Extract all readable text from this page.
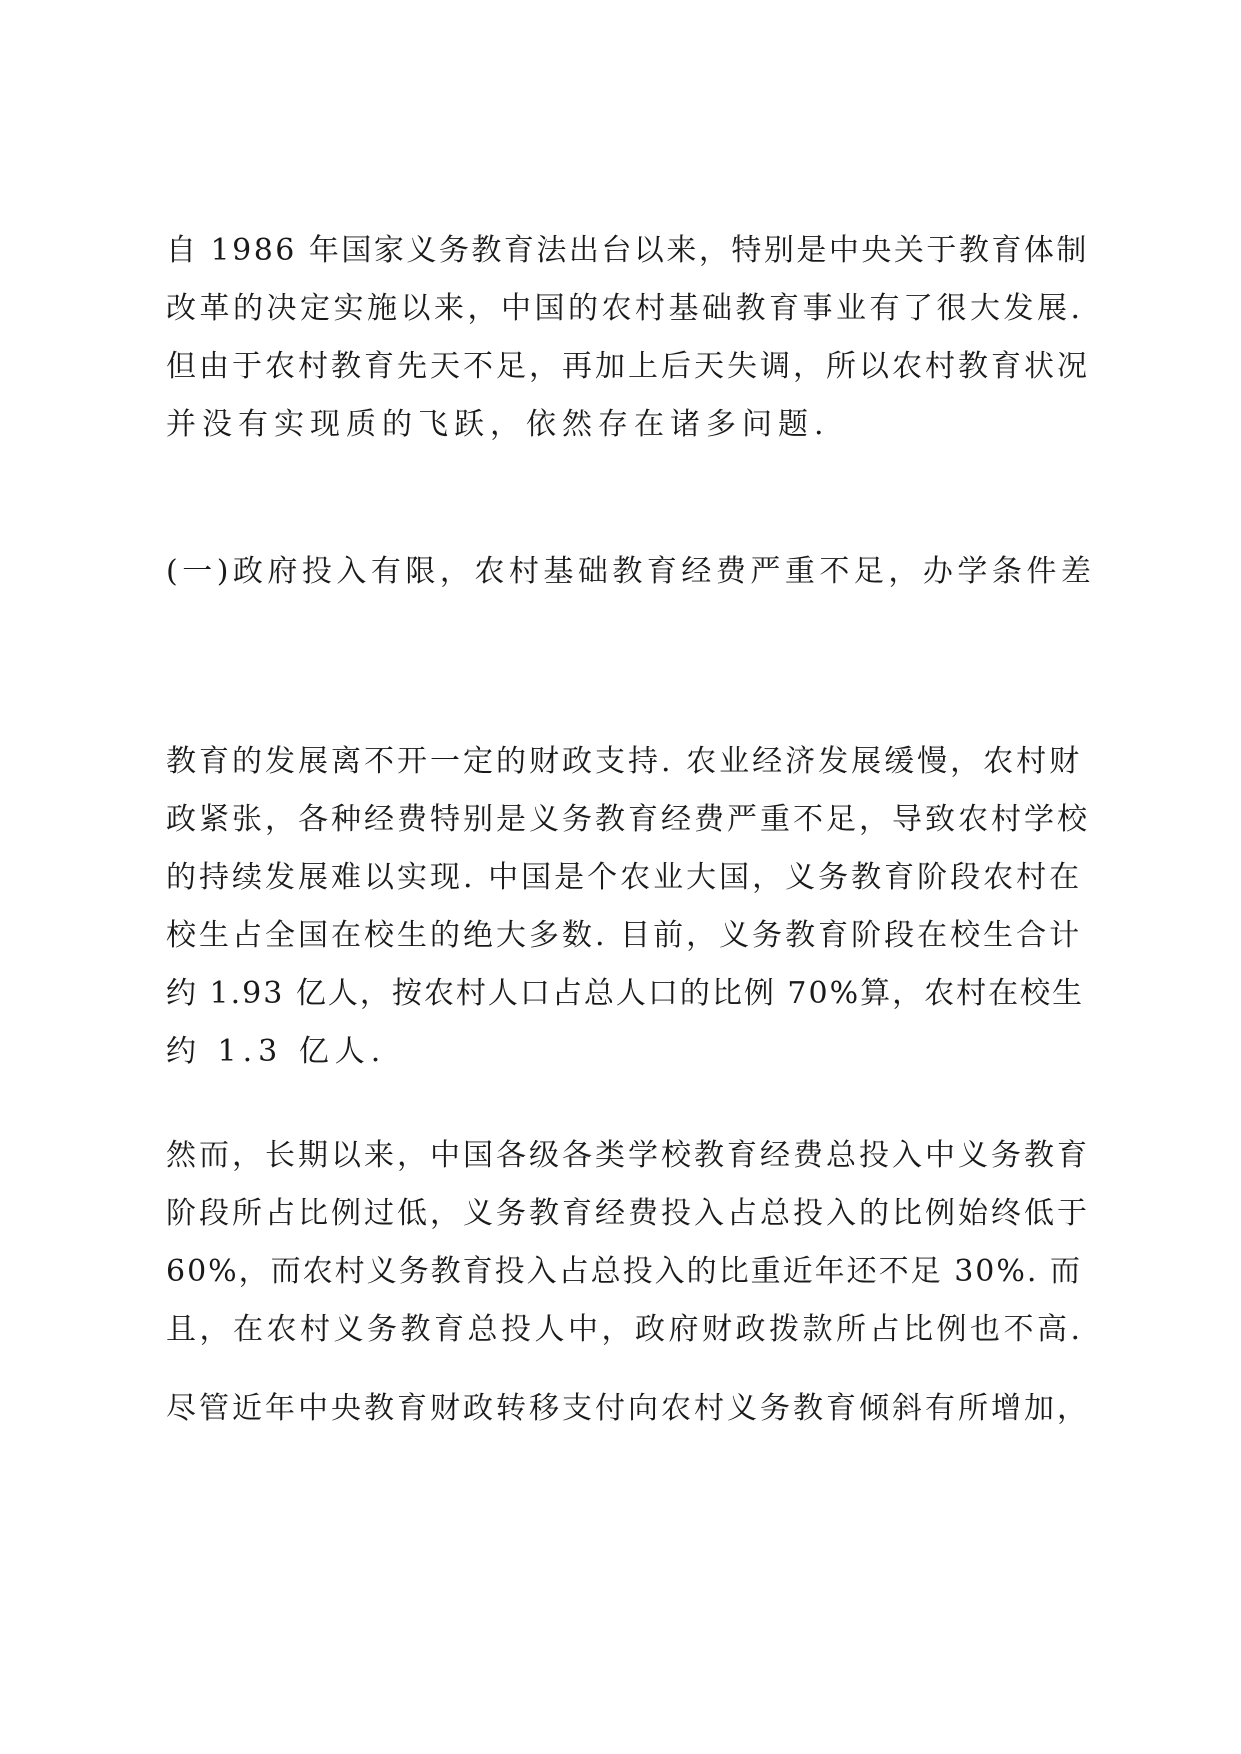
自 1986 年国家义务教育法出台以来，特别是中央关于教育体制
改革的决定实施以来，中国的农村基础教育事业有了很大发展.
但由于农村教育先天不足，再加上后天失调，所以农村教育状况
并没有实现质的飞跃，依然存在诸多问题.
(一)政府投入有限，农村基础教育经费严重不足，办学条件差
教育的发展离不开一定的财政支持. 农业经济发展缓慢，农村财
政紧张，各种经费特别是义务教育经费严重不足，导致农村学校
的持续发展难以实现. 中国是个农业大国，义务教育阶段农村在
校生占全国在校生的绝大多数. 目前，义务教育阶段在校生合计
约 1.93 亿人，按农村人口占总人口的比例 70%算，农村在校生
约 1.3 亿人.
然而，长期以来，中国各级各类学校教育经费总投入中义务教育
阶段所占比例过低，义务教育经费投入占总投入的比例始终低于
60%，而农村义务教育投入占总投入的比重近年还不足 30%. 而
且，在农村义务教育总投人中，政府财政拨款所占比例也不高.
尽管近年中央教育财政转移支付向农村义务教育倾斜有所增加，
